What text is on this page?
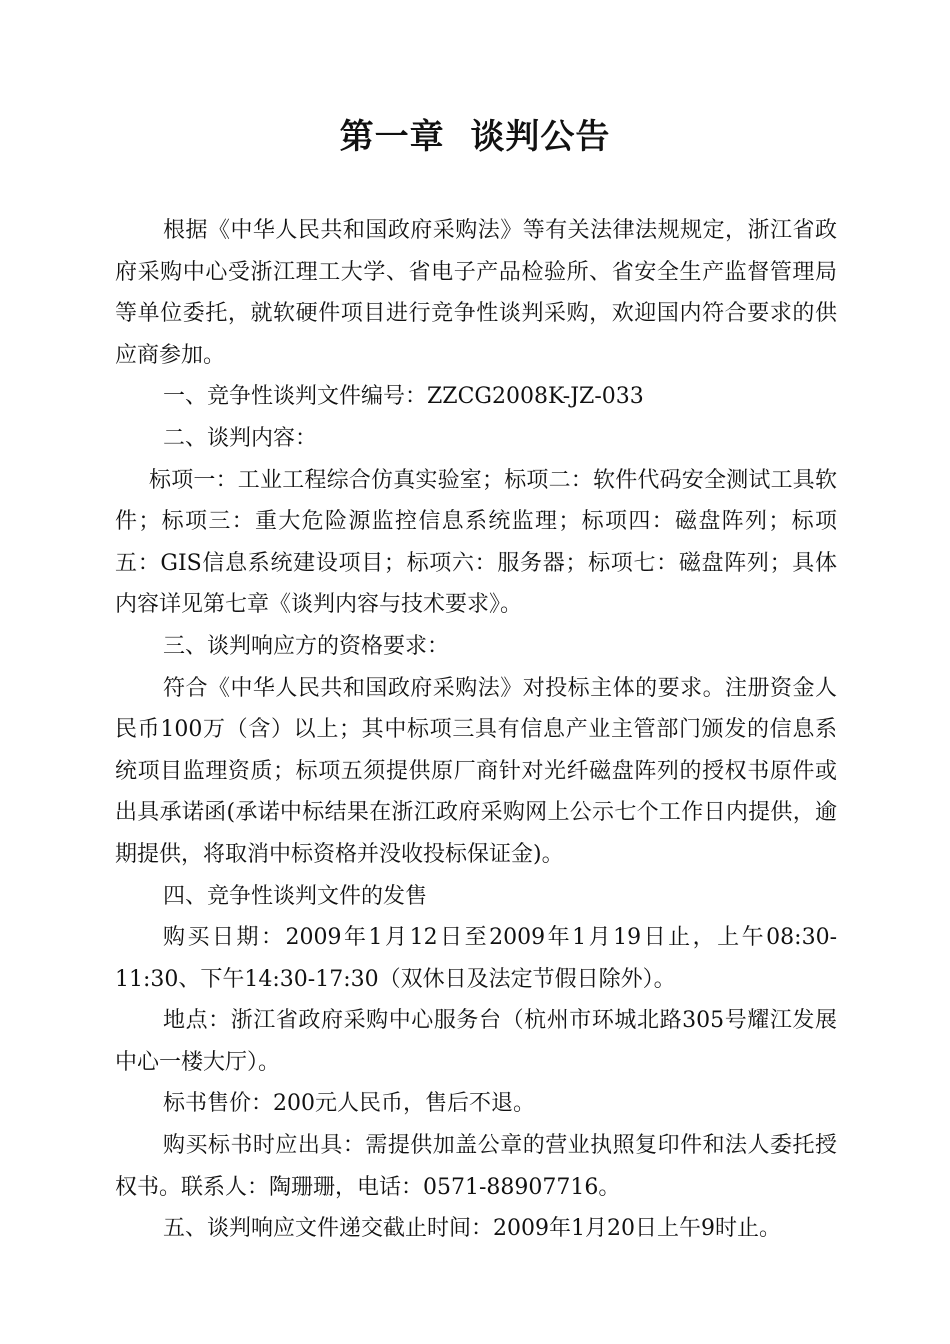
第一章  谈判公告

根据《中华人民共和国政府采购法》等有关法律法规规定，浙江省政府采购中心受浙江理工大学、省电子产品检验所、省安全生产监督管理局等单位委托，就软硬件项目进行竞争性谈判采购，欢迎国内符合要求的供应商参加。

一、竞争性谈判文件编号：ZZCG2008K-JZ-033

二、谈判内容：

标项一：工业工程综合仿真实验室；标项二：软件代码安全测试工具软件；标项三：重大危险源监控信息系统监理；标项四：磁盘阵列；标项五：GIS信息系统建设项目；标项六：服务器；标项七：磁盘阵列；具体内容详见第七章《谈判内容与技术要求》。

三、谈判响应方的资格要求：

符合《中华人民共和国政府采购法》对投标主体的要求。注册资金人民币100万（含）以上；其中标项三具有信息产业主管部门颁发的信息系统项目监理资质；标项五须提供原厂商针对光纤磁盘阵列的授权书原件或出具承诺函(承诺中标结果在浙江政府采购网上公示七个工作日内提供，逾期提供，将取消中标资格并没收投标保证金)。

四、竞争性谈判文件的发售

购买日期：2009年1月12日至2009年1月19日止，上午08:30-11:30、下午14:30-17:30（双休日及法定节假日除外）。

地点：浙江省政府采购中心服务台（杭州市环城北路305号耀江发展中心一楼大厅）。

标书售价：200元人民币，售后不退。

购买标书时应出具：需提供加盖公章的营业执照复印件和法人委托授权书。联系人：陶珊珊，电话：0571-88907716。

五、谈判响应文件递交截止时间：2009年1月20日上午9时止。
